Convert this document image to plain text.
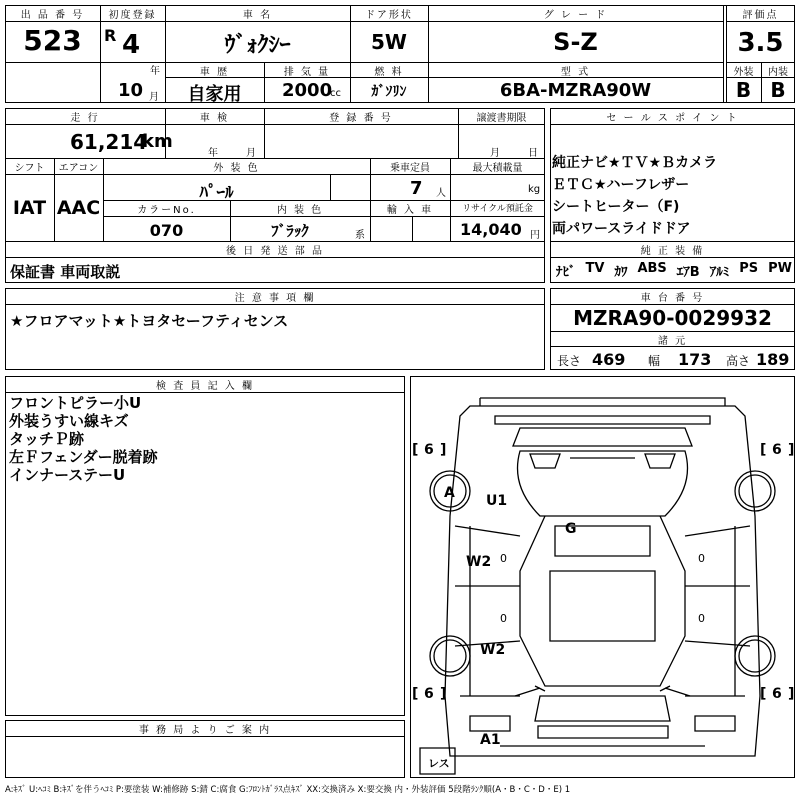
出 品 番 号
523
初度登録
R 4
年
10 月
車 名
ｳﾞｫｸｼｰ
ドア形状
5W
グ レ ー ド
S-Z
評価点
3.5
車 歴
自家用
排 気 量
2000
cc
燃 料
ｶﾞｿﾘﾝ
型 式
6BA-MZRA90W
外装	内装
B B
走 行
61,214
km
車 検
年	月
登 録 番 号	譲渡書期限
月	日
シフト
IAT
エアコン
AAC
外 装 色
ﾊﾟｰﾙ
乗車定員
7 人
最大積載量
kg
カラーNo.
070
内 装 色
ﾌﾞﾗｯｸ	系
輸 入 車	リサイクル預託金
14,040 円
後 日 発 送 部 品
保証書 車両取説
セ ー ル ス ポ イ ン ト
純正ナビ★ＴＶ★Ｂカメラ
ＥＴＣ★ハーフレザー
シートヒーター（F)
両パワースライドドア
純 正 装 備
ﾅﾋﾞ TV ｶﾜ ABS ｴｱB ｱﾙﾐ PS PW
注 意 事 項 欄
★フロアマット★トヨタセーフティセンス
車 台 番 号
MZRA90-0029932
諸 元
長さ 469 幅 173 高さ 189
検 査 員 記 入 欄
フロントピラー小U
外装うすい線キズ
タッチＰ跡
左Ｆフェンダー脱着跡
インナーステーU
事 務 局 よ り ご 案 内
[ 6 ]	[ 6 ]
[ 6 ]	[ 6 ]
A U1
G
W2
W2
A1
0	0
0	0
レス
A:ｷｽﾞ U:ﾍｺﾐ B:ｷｽﾞを伴うﾍｺﾐ P:要塗装 W:補修跡 S:錆 C:腐食 G:ﾌﾛﾝﾄｶﾞﾗｽ点ｷｽﾞ XX:交換済み X:要交換 内・外装評価 5段階ﾗﾝｸ順(A・B・C・D・E) 1
